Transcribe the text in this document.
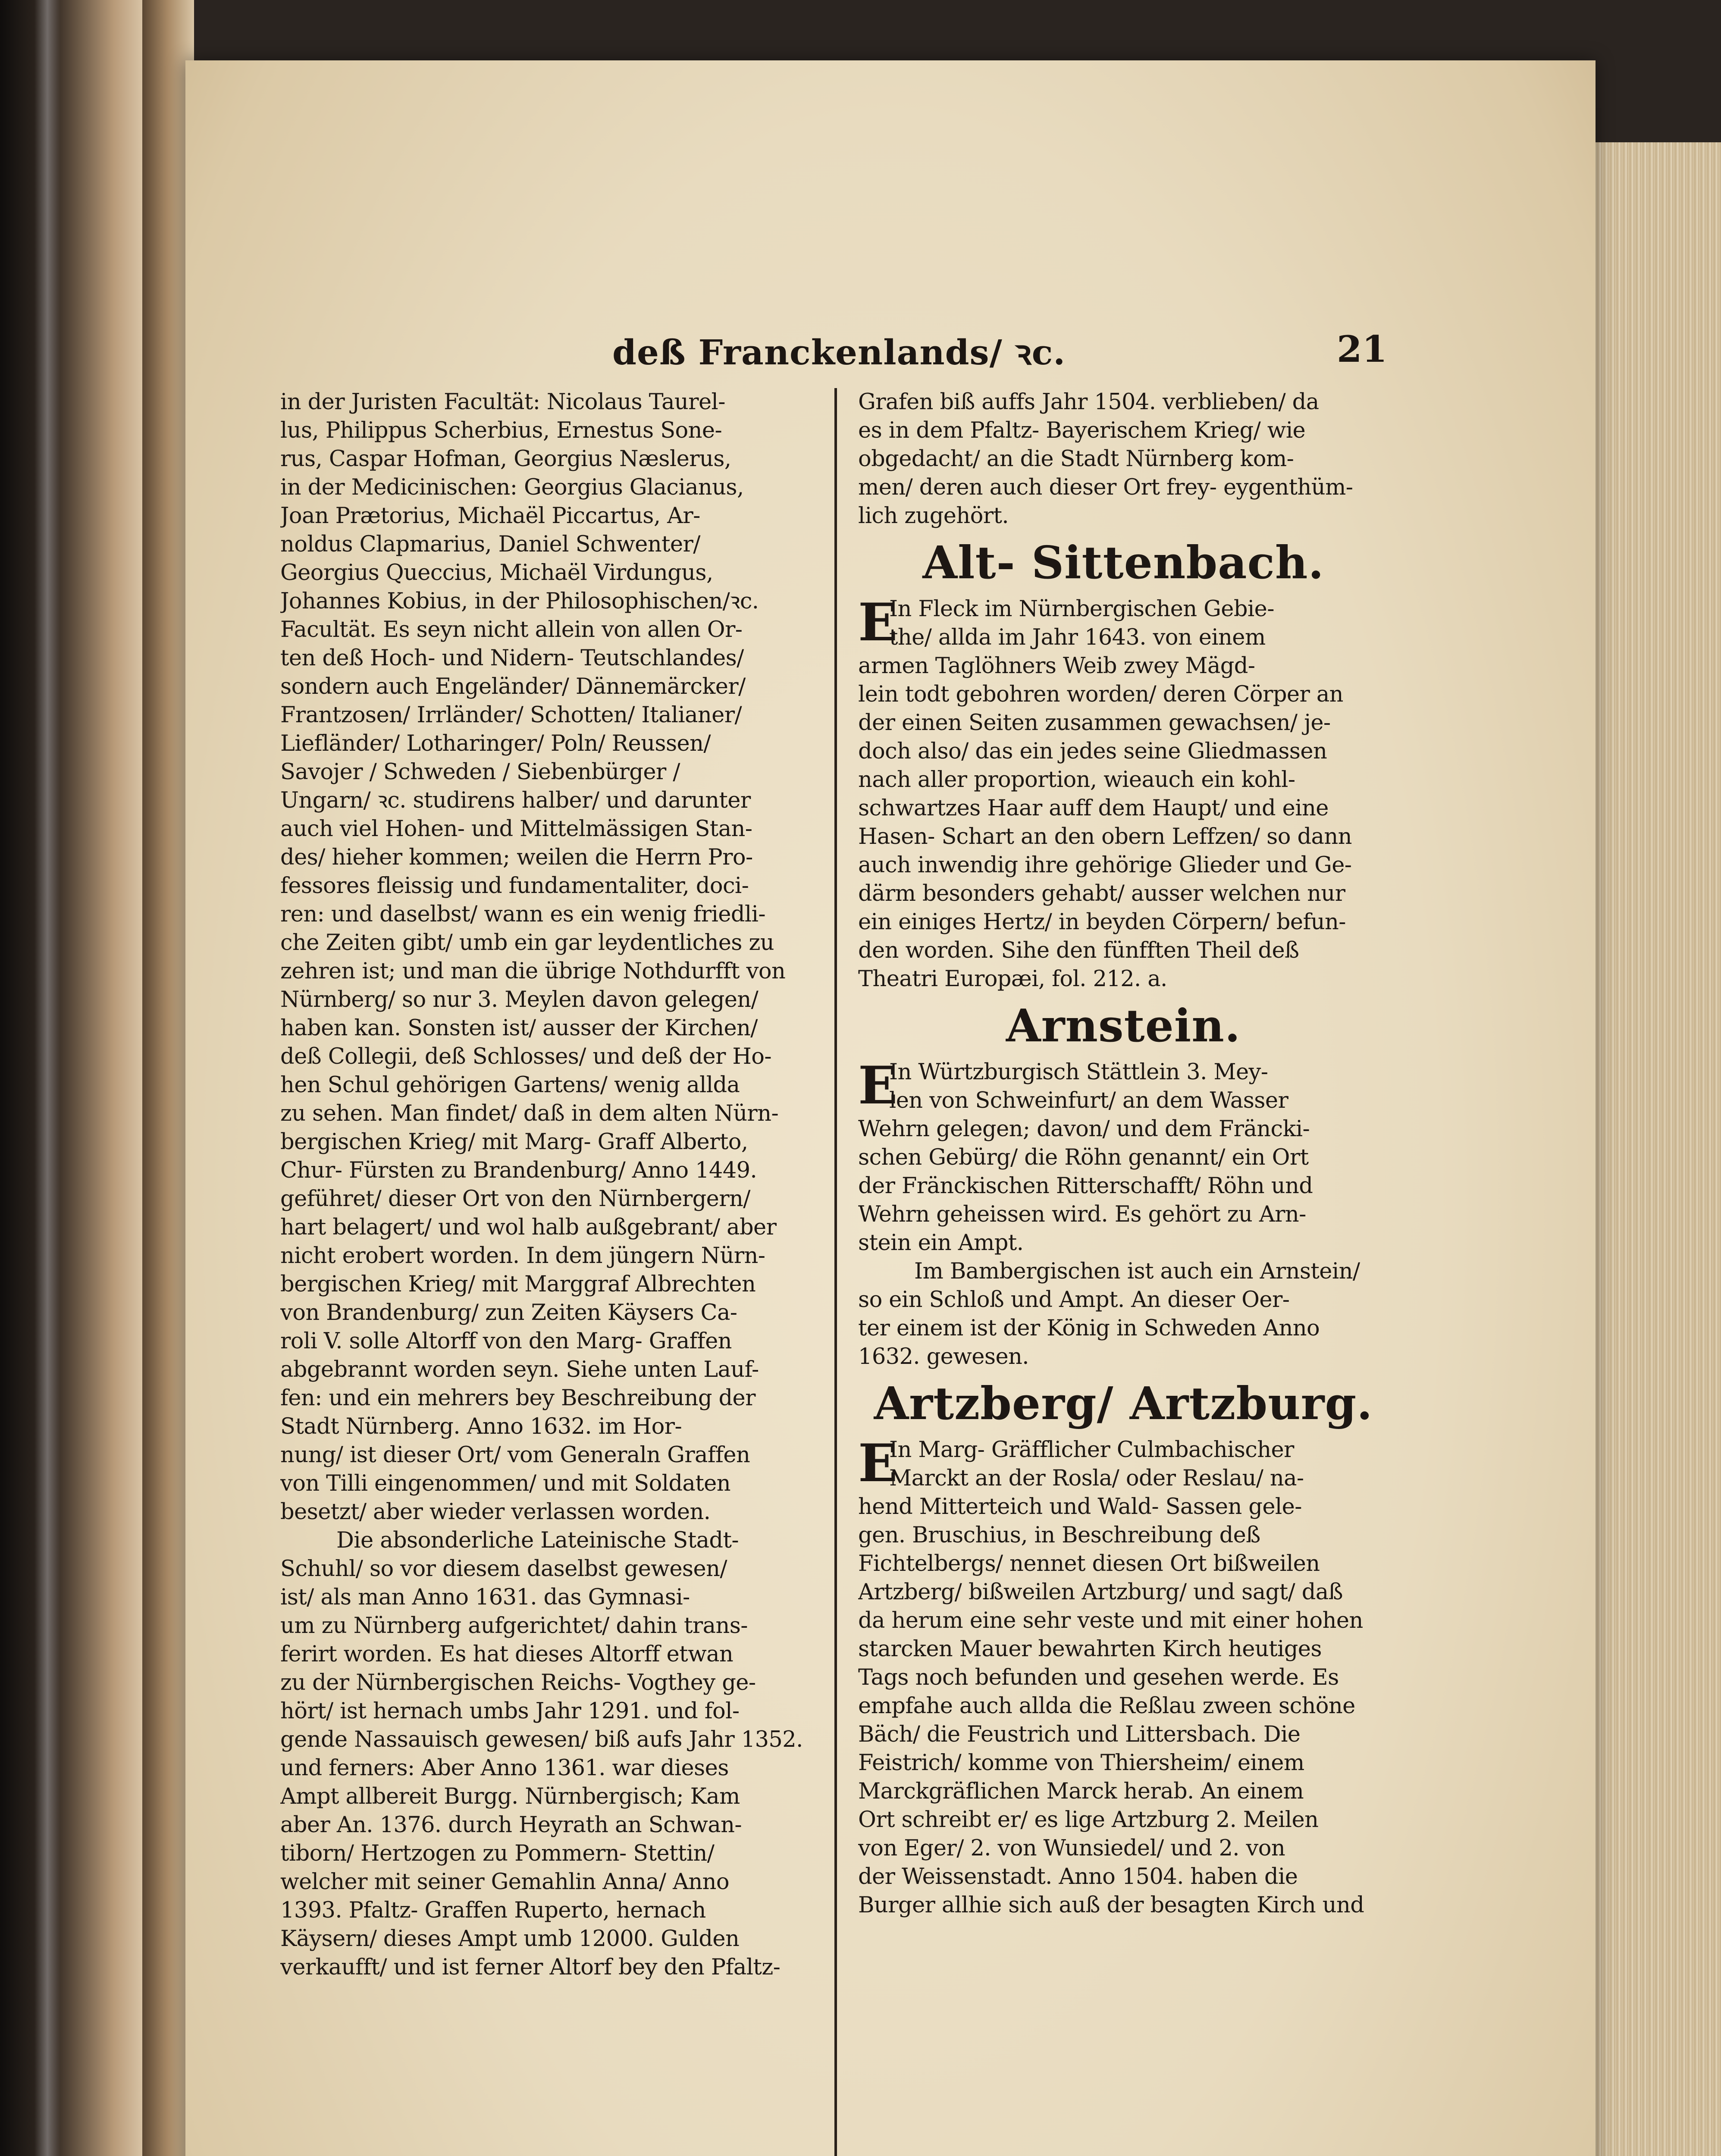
deß Franckenlands/ ꝛc.	21
in der Juristen Facultät: Nicolaus Taurel-
lus, Philippus Scherbius, Ernestus Sone-
rus, Caspar Hofman, Georgius Næslerus,
in der Medicinischen: Georgius Glacianus,
Joan Prætorius, Michaël Piccartus, Ar-
noldus Clapmarius, Daniel Schwenter/
Georgius Queccius, Michaël Virdungus,
Johannes Kobius, in der Philosophischen/ꝛc.
Facultät. Es seyn nicht allein von allen Or-
ten deß Hoch- und Nidern- Teutschlandes/
sondern auch Engeländer/ Dännemärcker/
Frantzosen/ Irrländer/ Schotten/ Italianer/
Liefländer/ Lotharinger/ Poln/ Reussen/
Savojer / Schweden / Siebenbürger /
Ungarn/ ꝛc. studirens halber/ und darunter
auch viel Hohen- und Mittelmässigen Stan-
des/ hieher kommen; weilen die Herrn Pro-
fessores fleissig und fundamentaliter, doci-
ren: und daselbst/ wann es ein wenig friedli-
che Zeiten gibt/ umb ein gar leydentliches zu
zehren ist; und man die übrige Nothdurfft von
Nürnberg/ so nur 3. Meylen davon gelegen/
haben kan. Sonsten ist/ ausser der Kirchen/
deß Collegii, deß Schlosses/ und deß der Ho-
hen Schul gehörigen Gartens/ wenig allda
zu sehen. Man findet/ daß in dem alten Nürn-
bergischen Krieg/ mit Marg- Graff Alberto,
Chur- Fürsten zu Brandenburg/ Anno 1449.
geführet/ dieser Ort von den Nürnbergern/
hart belagert/ und wol halb außgebrant/ aber
nicht erobert worden. In dem jüngern Nürn-
bergischen Krieg/ mit Marggraf Albrechten
von Brandenburg/ zun Zeiten Käysers Ca-
roli V. solle Altorff von den Marg- Graffen
abgebrannt worden seyn. Siehe unten Lauf-
fen: und ein mehrers bey Beschreibung der
Stadt Nürnberg. Anno 1632. im Hor-
nung/ ist dieser Ort/ vom Generaln Graffen
von Tilli eingenommen/ und mit Soldaten
besetzt/ aber wieder verlassen worden.
Die absonderliche Lateinische Stadt-
Schuhl/ so vor diesem daselbst gewesen/
ist/ als man Anno 1631. das Gymnasi-
um zu Nürnberg aufgerichtet/ dahin trans-
ferirt worden. Es hat dieses Altorff etwan
zu der Nürnbergischen Reichs- Vogthey ge-
hört/ ist hernach umbs Jahr 1291. und fol-
gende Nassauisch gewesen/ biß aufs Jahr 1352.
und ferners: Aber Anno 1361. war dieses
Ampt allbereit Burgg. Nürnbergisch; Kam
aber An. 1376. durch Heyrath an Schwan-
tiborn/ Hertzogen zu Pommern- Stettin/
welcher mit seiner Gemahlin Anna/ Anno
1393. Pfaltz- Graffen Ruperto, hernach
Käysern/ dieses Ampt umb 12000. Gulden
verkaufft/ und ist ferner Altorf bey den Pfaltz-
Grafen biß auffs Jahr 1504. verblieben/ da
es in dem Pfaltz- Bayerischem Krieg/ wie
obgedacht/ an die Stadt Nürnberg kom-
men/ deren auch dieser Ort frey- eygenthüm-
lich zugehört.
Alt- Sittenbach.
E
In Fleck im Nürnbergischen Gebie-
the/ allda im Jahr 1643. von einem
armen Taglöhners Weib zwey Mägd-
lein todt gebohren worden/ deren Cörper an
der einen Seiten zusammen gewachsen/ je-
doch also/ das ein jedes seine Gliedmassen
nach aller proportion, wieauch ein kohl-
schwartzes Haar auff dem Haupt/ und eine
Hasen- Schart an den obern Leffzen/ so dann
auch inwendig ihre gehörige Glieder und Ge-
därm besonders gehabt/ ausser welchen nur
ein einiges Hertz/ in beyden Cörpern/ befun-
den worden. Sihe den fünfften Theil deß
Theatri Europæi, fol. 212. a.
Arnstein.
E
In Würtzburgisch Stättlein 3. Mey-
len von Schweinfurt/ an dem Wasser
Wehrn gelegen; davon/ und dem Fräncki-
schen Gebürg/ die Röhn genannt/ ein Ort
der Fränckischen Ritterschafft/ Röhn und
Wehrn geheissen wird. Es gehört zu Arn-
stein ein Ampt.
Im Bambergischen ist auch ein Arnstein/
so ein Schloß und Ampt. An dieser Oer-
ter einem ist der König in Schweden Anno
1632. gewesen.
Artzberg/ Artzburg.
E
In Marg- Gräfflicher Culmbachischer
Marckt an der Rosla/ oder Reslau/ na-
hend Mitterteich und Wald- Sassen gele-
gen. Bruschius, in Beschreibung deß
Fichtelbergs/ nennet diesen Ort bißweilen
Artzberg/ bißweilen Artzburg/ und sagt/ daß
da herum eine sehr veste und mit einer hohen
starcken Mauer bewahrten Kirch heutiges
Tags noch befunden und gesehen werde. Es
empfahe auch allda die Reßlau zween schöne
Bäch/ die Feustrich und Littersbach. Die
Feistrich/ komme von Thiersheim/ einem
Marckgräflichen Marck herab. An einem
Ort schreibt er/ es lige Artzburg 2. Meilen
von Eger/ 2. von Wunsiedel/ und 2. von
der Weissenstadt. Anno 1504. haben die
Burger allhie sich auß der besagten Kirch und
